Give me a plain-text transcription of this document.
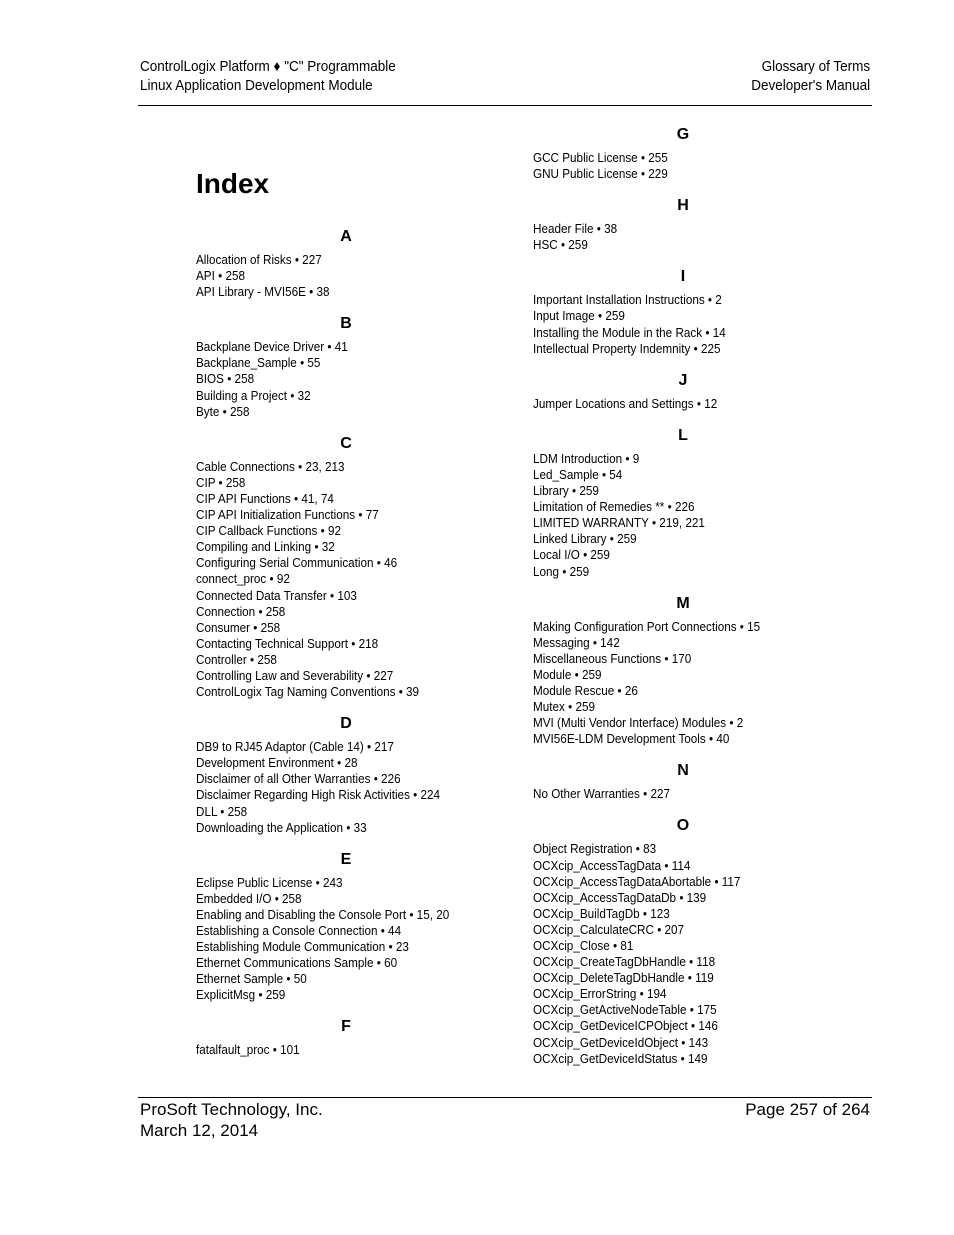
ControlLogix Platform ♦ "C" Programmable
Linux Application Development Module
Glossary of Terms
Developer's Manual
Index
A
Allocation of Risks • 227
API • 258
API Library - MVI56E • 38
B
Backplane Device Driver • 41
Backplane_Sample • 55
BIOS • 258
Building a Project • 32
Byte • 258
C
Cable Connections • 23, 213
CIP • 258
CIP API Functions • 41, 74
CIP API Initialization Functions • 77
CIP Callback Functions • 92
Compiling and Linking • 32
Configuring Serial Communication • 46
connect_proc • 92
Connected Data Transfer • 103
Connection • 258
Consumer • 258
Contacting Technical Support • 218
Controller • 258
Controlling Law and Severability • 227
ControlLogix Tag Naming Conventions • 39
D
DB9 to RJ45 Adaptor (Cable 14) • 217
Development Environment • 28
Disclaimer of all Other Warranties • 226
Disclaimer Regarding High Risk Activities • 224
DLL • 258
Downloading the Application • 33
E
Eclipse Public License • 243
Embedded I/O • 258
Enabling and Disabling the Console Port • 15, 20
Establishing a Console Connection • 44
Establishing Module Communication • 23
Ethernet Communications Sample • 60
Ethernet Sample • 50
ExplicitMsg • 259
F
fatalfault_proc • 101
G
GCC Public License • 255
GNU Public License • 229
H
Header File • 38
HSC • 259
I
Important Installation Instructions • 2
Input Image • 259
Installing the Module in the Rack • 14
Intellectual Property Indemnity • 225
J
Jumper Locations and Settings • 12
L
LDM Introduction • 9
Led_Sample • 54
Library • 259
Limitation of Remedies ** • 226
LIMITED WARRANTY • 219, 221
Linked Library • 259
Local I/O • 259
Long • 259
M
Making Configuration Port Connections • 15
Messaging • 142
Miscellaneous Functions • 170
Module • 259
Module Rescue • 26
Mutex • 259
MVI (Multi Vendor Interface) Modules • 2
MVI56E-LDM Development Tools • 40
N
No Other Warranties • 227
O
Object Registration • 83
OCXcip_AccessTagData • 114
OCXcip_AccessTagDataAbortable • 117
OCXcip_AccessTagDataDb • 139
OCXcip_BuildTagDb • 123
OCXcip_CalculateCRC • 207
OCXcip_Close • 81
OCXcip_CreateTagDbHandle • 118
OCXcip_DeleteTagDbHandle • 119
OCXcip_ErrorString • 194
OCXcip_GetActiveNodeTable • 175
OCXcip_GetDeviceICPObject • 146
OCXcip_GetDeviceIdObject • 143
OCXcip_GetDeviceIdStatus • 149
ProSoft Technology, Inc.
March 12, 2014
Page 257 of 264
